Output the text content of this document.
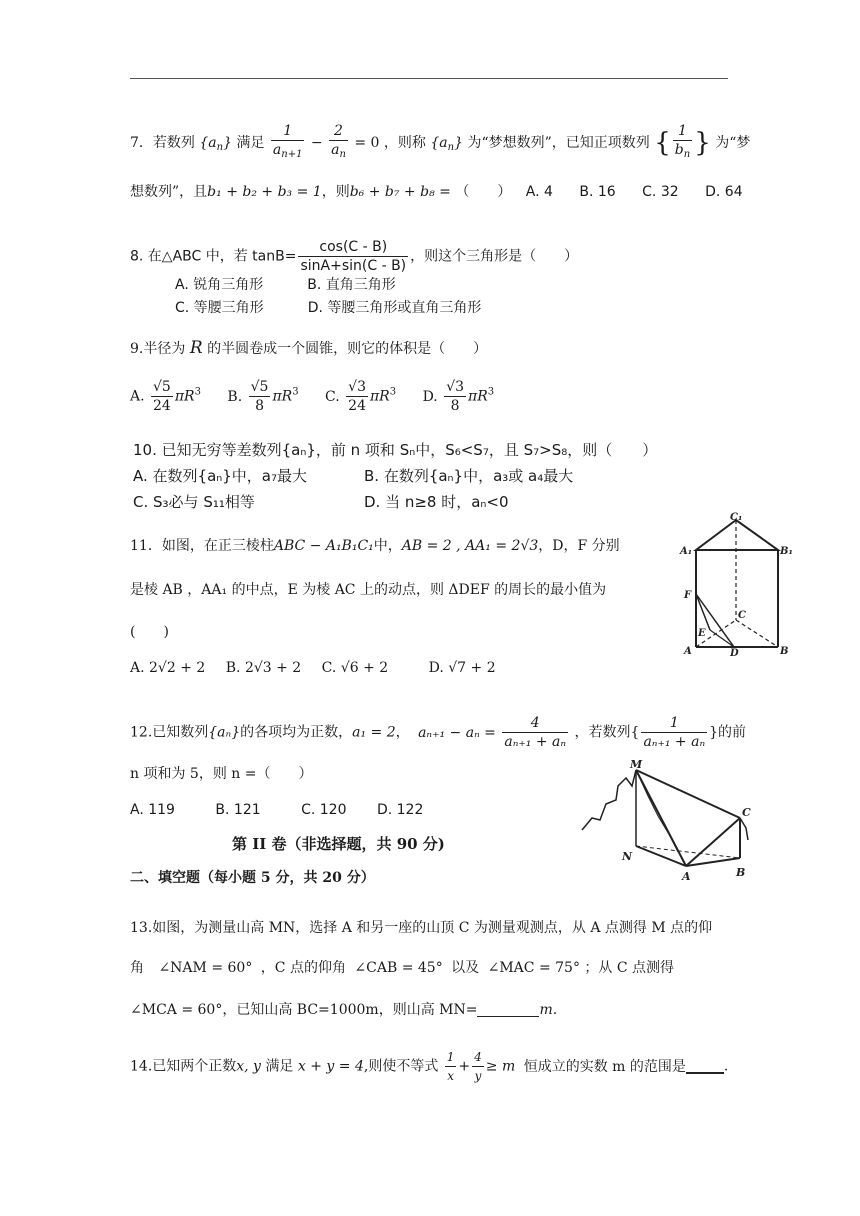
7．若数列 $\{a_n\}$ 满足 $\frac{1}{a_{n+1}} - \frac{2}{a_n} = 0$ ，则称 $\{a_n\}$ 为“梦想数列”，已知正项数列 { $\frac{1}{b_n}$ } 为“梦
想数列”，且b₁ + b₂ + b₃ = 1，则b₆ + b₇ + b₈ = （　　） A. 4 B. 16 C. 32 D. 64
8. 在△ABC 中，若 $\tan B= \frac{\cos(C - B)}{\sin A+\sin(C - B)}$ ，则这个三角形是（　　）
A. 锐角三角形	B. 直角三角形
C. 等腰三角形	D. 等腰三角形或直角三角形
9.半径为 R 的半圆卷成一个圆锥，则它的体积是（　　）
A. $\frac{√5}{24} \pi R^3$ B. $\frac{√5}{8} \pi R^3$ C. $\frac{√3}{24} \pi R^3$ D. $\frac{√3}{8} \pi R^3$
10. 已知无穷等差数列{aₙ}，前 n 项和 Sₙ中，S₆<S₇，且 S₇>S₈，则（　　）
A. 在数列{aₙ}中，a₇最大	B. 在数列{aₙ}中，a₃或 a₄最大
C. S₃必与 S₁₁相等	D. 当 n≥8 时，aₙ<0
11．如图，在正三棱柱ABC − A₁B₁C₁中，AB = 2 , AA₁ = 2√3，D，F 分别
是棱 AB ，AA₁ 的中点，E 为棱 AC 上的动点，则 ΔDEF 的周长的最小值为
(　　)
A. 2√2 + 2 B. 2√3 + 2 C. √6 + 2	D. √7 + 2
C₁
A₁	B₁
F
E
C
A	D	B
12.已知数列{aₙ}的各项均为正数，a₁ = 2， $a_{n+1} - a_n = \frac{4}{\text{aₙ₊₁ + aₙ}}$ ，若数列{ $\frac{1}{\text{aₙ₊₁ + aₙ}}$ }的前
n 项和为 5，则 n =（　　）
A. 119	B. 121	C. 120 D. 122
M
C
N
A	B
第 II 卷（非选择题，共 90 分)
二、填空题（每小题 5 分，共 20 分）
13.如图，为测量山高 MN，选择 A 和另一座的山顶 C 为测量观测点，从 A 点测得 M 点的仰
角 ∠NAM = 60° ，C 点的仰角 ∠CAB = 45° 以及 ∠MAC = 75° ；从 C 点测得
∠MCA = 60°，已知山高 BC=1000m，则山高 MN=	m.
14.已知两个正数x, y 满足 x + y = 4,则使不等式 $\frac{1}{x} + \frac{4}{y} \ge m$ 恒成立的实数 m 的范围是	.
